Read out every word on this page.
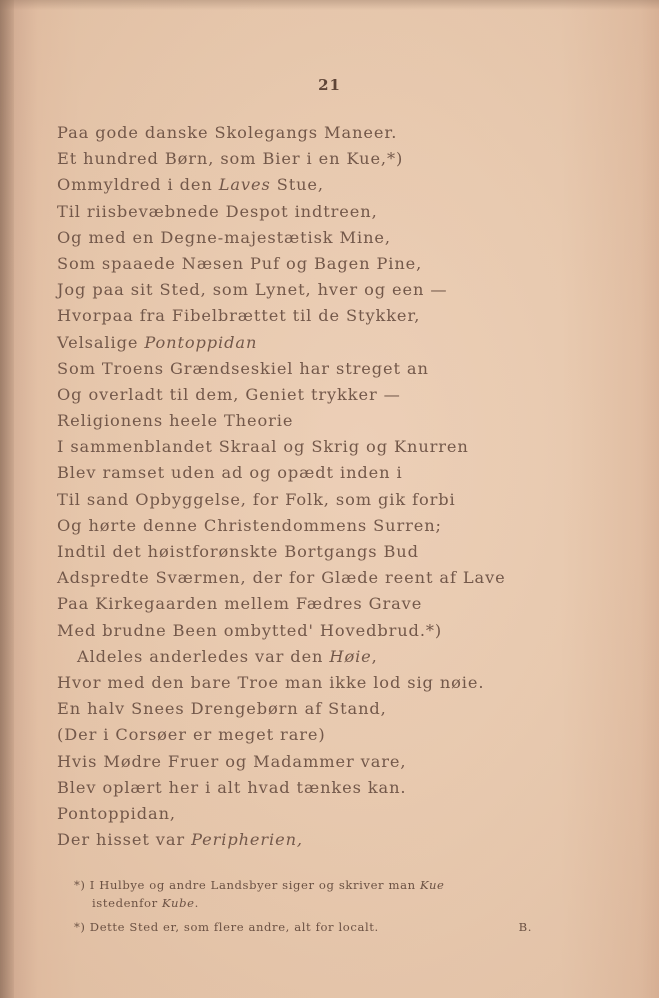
21
Paa gode danske Skolegangs Maneer.
Et hundred Børn, som Bier i en Kue,*)
Ommyldred i den Laves Stue,
Til riisbevæbnede Despot indtreen,
Og med en Degne-majestætisk Mine,
Som spaaede Næsen Puf og Bagen Pine,
Jog paa sit Sted, som Lynet, hver og een —
Hvorpaa fra Fibelbrættet til de Stykker,
Velsalige Pontoppidan
Som Troens Grændseskiel har streget an
Og overladt til dem, Geniet trykker —
Religionens heele Theorie
I sammenblandet Skraal og Skrig og Knurren
Blev ramset uden ad og opædt inden i
Til sand Opbyggelse, for Folk, som gik forbi
Og hørte denne Christendommens Surren;
Indtil det høistforønskte Bortgangs Bud
Adspredte Sværmen, der for Glæde reent af Lave
Paa Kirkegaarden mellem Fædres Grave
Med brudne Been ombytted' Hovedbrud.*)
Aldeles anderledes var den Høie,
Hvor med den bare Troe man ikke lod sig nøie.
En halv Snees Drengebørn af Stand,
(Der i Corsøer er meget rare)
Hvis Mødre Fruer og Madammer vare,
Blev oplært her i alt hvad tænkes kan.
Pontoppidan,
Der hisset var Peripherien,
*) I Hulbye og andre Landsbyer siger og skriver man Kue
istedenfor Kube.
*) Dette Sted er, som flere andre, alt for localt.	B.
